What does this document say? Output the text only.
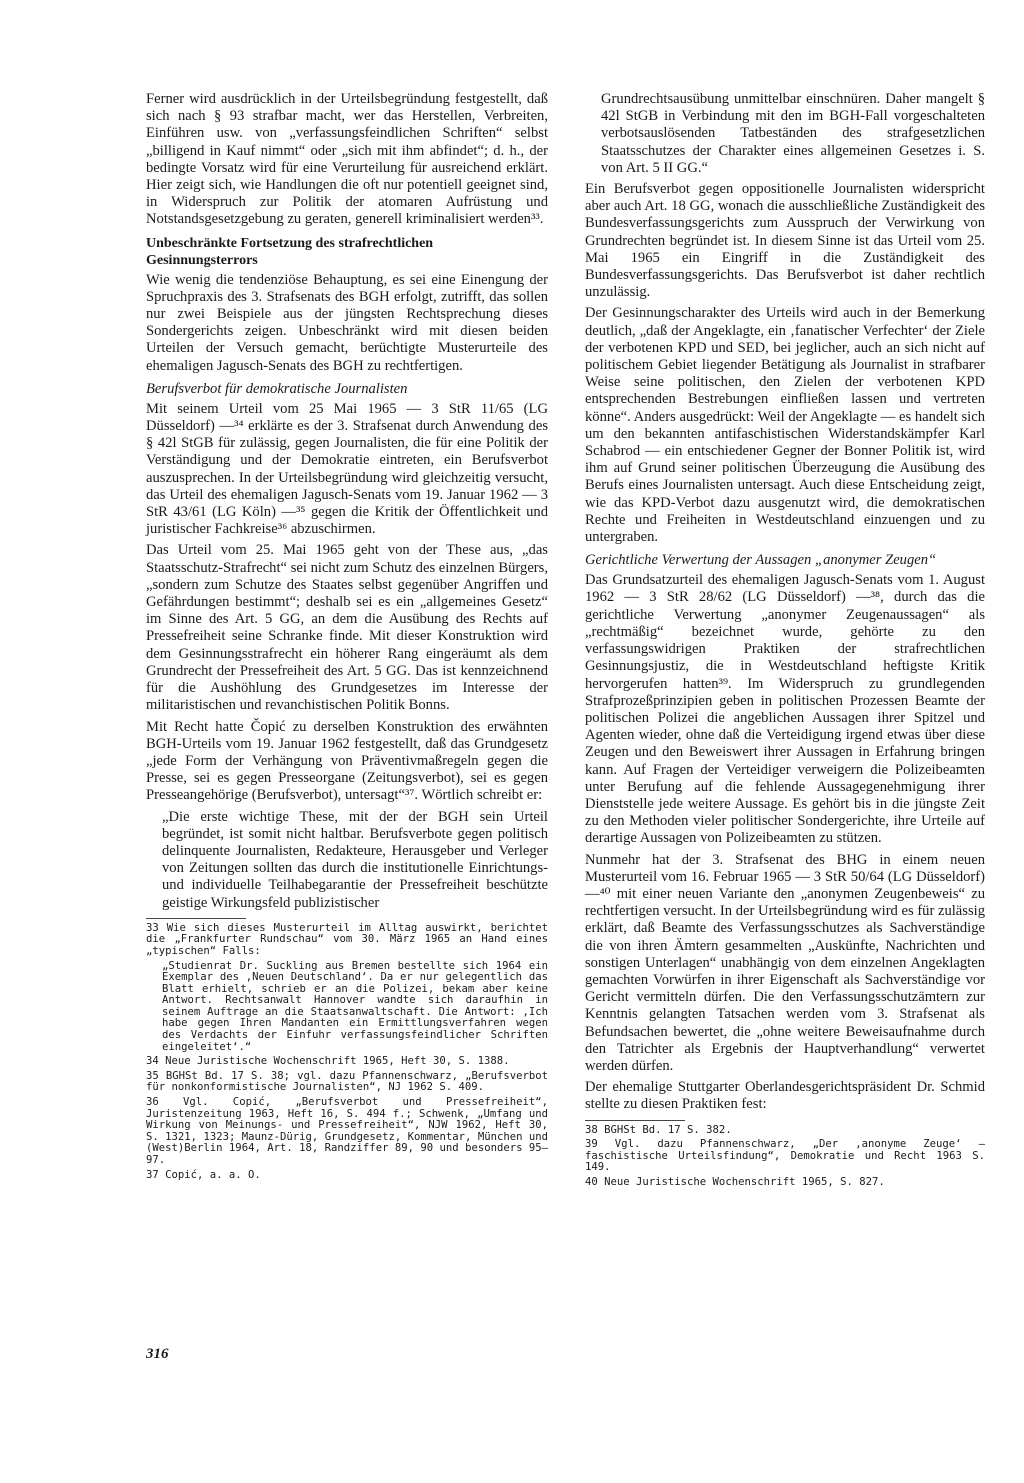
Ferner wird ausdrücklich in der Urteilsbegründung festgestellt, daß sich nach § 93 strafbar macht, wer das Herstellen, Verbreiten, Einführen usw. von „verfassungsfeindlichen Schriften“ selbst „billigend in Kauf nimmt“ oder „sich mit ihm abfindet“; d. h., der bedingte Vorsatz wird für eine Verurteilung für ausreichend erklärt. Hier zeigt sich, wie Handlungen die oft nur potentiell geeignet sind, in Widerspruch zur Politik der atomaren Aufrüstung und Notstandsgesetzgebung zu geraten, generell kriminalisiert werden³³.

Unbeschränkte Fortsetzung des strafrechtlichen Gesinnungsterrors

Wie wenig die tendenziöse Behauptung, es sei eine Einengung der Spruchpraxis des 3. Strafsenats des BGH erfolgt, zutrifft, das sollen nur zwei Beispiele aus der jüngsten Rechtsprechung dieses Sondergerichts zeigen. Unbeschränkt wird mit diesen beiden Urteilen der Versuch gemacht, berüchtigte Musterurteile des ehemaligen Jagusch-Senats des BGH zu rechtfertigen.

Berufsverbot für demokratische Journalisten

Mit seinem Urteil vom 25 Mai 1965 — 3 StR 11/65 (LG Düsseldorf) —³⁴ erklärte es der 3. Strafsenat durch Anwendung des § 42l StGB für zulässig, gegen Journalisten, die für eine Politik der Verständigung und der Demokratie eintreten, ein Berufsverbot auszusprechen. In der Urteilsbegründung wird gleichzeitig versucht, das Urteil des ehemaligen Jagusch-Senats vom 19. Januar 1962 — 3 StR 43/61 (LG Köln) —³⁵ gegen die Kritik der Öffentlichkeit und juristischer Fachkreise³⁶ abzuschirmen.

Das Urteil vom 25. Mai 1965 geht von der These aus, „das Staatsschutz-Strafrecht“ sei nicht zum Schutz des einzelnen Bürgers, „sondern zum Schutze des Staates selbst gegenüber Angriffen und Gefährdungen bestimmt“; deshalb sei es ein „allgemeines Gesetz“ im Sinne des Art. 5 GG, an dem die Ausübung des Rechts auf Pressefreiheit seine Schranke finde. Mit dieser Konstruktion wird dem Gesinnungsstrafrecht ein höherer Rang eingeräumt als dem Grundrecht der Pressefreiheit des Art. 5 GG. Das ist kennzeichnend für die Aushöhlung des Grundgesetzes im Interesse der militaristischen und revanchistischen Politik Bonns.

Mit Recht hatte Čopić zu derselben Konstruktion des erwähnten BGH-Urteils vom 19. Januar 1962 festgestellt, daß das Grundgesetz „jede Form der Verhängung von Präventivmaßregeln gegen die Presse, sei es gegen Presseorgane (Zeitungsverbot), sei es gegen Presseangehörige (Berufsverbot), untersagt“³⁷. Wörtlich schreibt er:

„Die erste wichtige These, mit der der BGH sein Urteil begründet, ist somit nicht haltbar. Berufsverbote gegen politisch delinquente Journalisten, Redakteure, Herausgeber und Verleger von Zeitungen sollten das durch die institutionelle Einrichtungs- und individuelle Teilhabegarantie der Pressefreiheit beschützte geistige Wirkungsfeld publizistischer
33 Wie sich dieses Musterurteil im Alltag auswirkt, berichtet die „Frankfurter Rundschau“ vom 30. März 1965 an Hand eines „typischen“ Falls:
„Studienrat Dr. Suckling aus Bremen bestellte sich 1964 ein Exemplar des ‚Neuen Deutschland‘. Da er nur gelegentlich das Blatt erhielt, schrieb er an die Polizei, bekam aber keine Antwort. Rechtsanwalt Hannover wandte sich daraufhin in seinem Auftrage an die Staatsanwaltschaft. Die Antwort: ‚Ich habe gegen Ihren Mandanten ein Ermittlungsverfahren wegen des Verdachts der Einfuhr verfassungsfeindlicher Schriften eingeleitet‘.“
34 Neue Juristische Wochenschrift 1965, Heft 30, S. 1388.
35 BGHSt Bd. 17 S. 38; vgl. dazu Pfannenschwarz, „Berufsverbot für nonkonformistische Journalisten“, NJ 1962 S. 409.
36 Vgl. Copić, „Berufsverbot und Pressefreiheit“, Juristenzeitung 1963, Heft 16, S. 494 f.; Schwenk, „Umfang und Wirkung von Meinungs- und Pressefreiheit“, NJW 1962, Heft 30, S. 1321, 1323; Maunz-Dürig, Grundgesetz, Kommentar, München und (West)Berlin 1964, Art. 18, Randziffer 89, 90 und besonders 95—97.
37 Copić, a. a. O.
Grundrechtsausübung unmittelbar einschnüren. Daher mangelt § 42l StGB in Verbindung mit den im BGH-Fall vorgeschalteten verbotsauslösenden Tatbeständen des strafgesetzlichen Staatsschutzes der Charakter eines allgemeinen Gesetzes i. S. von Art. 5 II GG.“

Ein Berufsverbot gegen oppositionelle Journalisten widerspricht aber auch Art. 18 GG, wonach die ausschließliche Zuständigkeit des Bundesverfassungsgerichts zum Ausspruch der Verwirkung von Grundrechten begründet ist. In diesem Sinne ist das Urteil vom 25. Mai 1965 ein Eingriff in die Zuständigkeit des Bundesverfassungsgerichts. Das Berufsverbot ist daher rechtlich unzulässig.

Der Gesinnungscharakter des Urteils wird auch in der Bemerkung deutlich, „daß der Angeklagte, ein ‚fanatischer Verfechter‘ der Ziele der verbotenen KPD und SED, bei jeglicher, auch an sich nicht auf politischem Gebiet liegender Betätigung als Journalist in strafbarer Weise seine politischen, den Zielen der verbotenen KPD entsprechenden Bestrebungen einfließen lassen und vertreten könne“. Anders ausgedrückt: Weil der Angeklagte — es handelt sich um den bekannten antifaschistischen Widerstandskämpfer Karl Schabrod — ein entschiedener Gegner der Bonner Politik ist, wird ihm auf Grund seiner politischen Überzeugung die Ausübung des Berufs eines Journalisten untersagt. Auch diese Entscheidung zeigt, wie das KPD-Verbot dazu ausgenutzt wird, die demokratischen Rechte und Freiheiten in Westdeutschland einzuengen und zu untergraben.

Gerichtliche Verwertung der Aussagen „anonymer Zeugen“

Das Grundsatzurteil des ehemaligen Jagusch-Senats vom 1. August 1962 — 3 StR 28/62 (LG Düsseldorf) —³⁸, durch das die gerichtliche Verwertung „anonymer Zeugenaussagen“ als „rechtmäßig“ bezeichnet wurde, gehörte zu den verfassungswidrigen Praktiken der strafrechtlichen Gesinnungsjustiz, die in Westdeutschland heftigste Kritik hervorgerufen hatten³⁹. Im Widerspruch zu grundlegenden Strafprozeßprinzipien geben in politischen Prozessen Beamte der politischen Polizei die angeblichen Aussagen ihrer Spitzel und Agenten wieder, ohne daß die Verteidigung irgend etwas über diese Zeugen und den Beweiswert ihrer Aussagen in Erfahrung bringen kann. Auf Fragen der Verteidiger verweigern die Polizeibeamten unter Berufung auf die fehlende Aussagegenehmigung ihrer Dienststelle jede weitere Aussage. Es gehört bis in die jüngste Zeit zu den Methoden vieler politischer Sondergerichte, ihre Urteile auf derartige Aussagen von Polizeibeamten zu stützen.

Nunmehr hat der 3. Strafsenat des BHG in einem neuen Musterurteil vom 16. Februar 1965 — 3 StR 50/64 (LG Düsseldorf) —⁴⁰ mit einer neuen Variante den „anonymen Zeugenbeweis“ zu rechtfertigen versucht. In der Urteilsbegründung wird es für zulässig erklärt, daß Beamte des Verfassungsschutzes als Sachverständige die von ihren Ämtern gesammelten „Auskünfte, Nachrichten und sonstigen Unterlagen“ unabhängig von dem einzelnen Angeklagten gemachten Vorwürfen in ihrer Eigenschaft als Sachverständige vor Gericht vermitteln dürfen. Die den Verfassungsschutzämtern zur Kenntnis gelangten Tatsachen werden vom 3. Strafsenat als Befundsachen bewertet, die „ohne weitere Beweisaufnahme durch den Tatrichter als Ergebnis der Hauptverhandlung“ verwertet werden dürfen.

Der ehemalige Stuttgarter Oberlandesgerichtspräsident Dr. Schmid stellte zu diesen Praktiken fest:

38 BGHSt Bd. 17 S. 382.
39 Vgl. dazu Pfannenschwarz, „Der ‚anonyme Zeuge‘ — faschistische Urteilsfindung“, Demokratie und Recht 1963 S. 149.
40 Neue Juristische Wochenschrift 1965, S. 827.
316
